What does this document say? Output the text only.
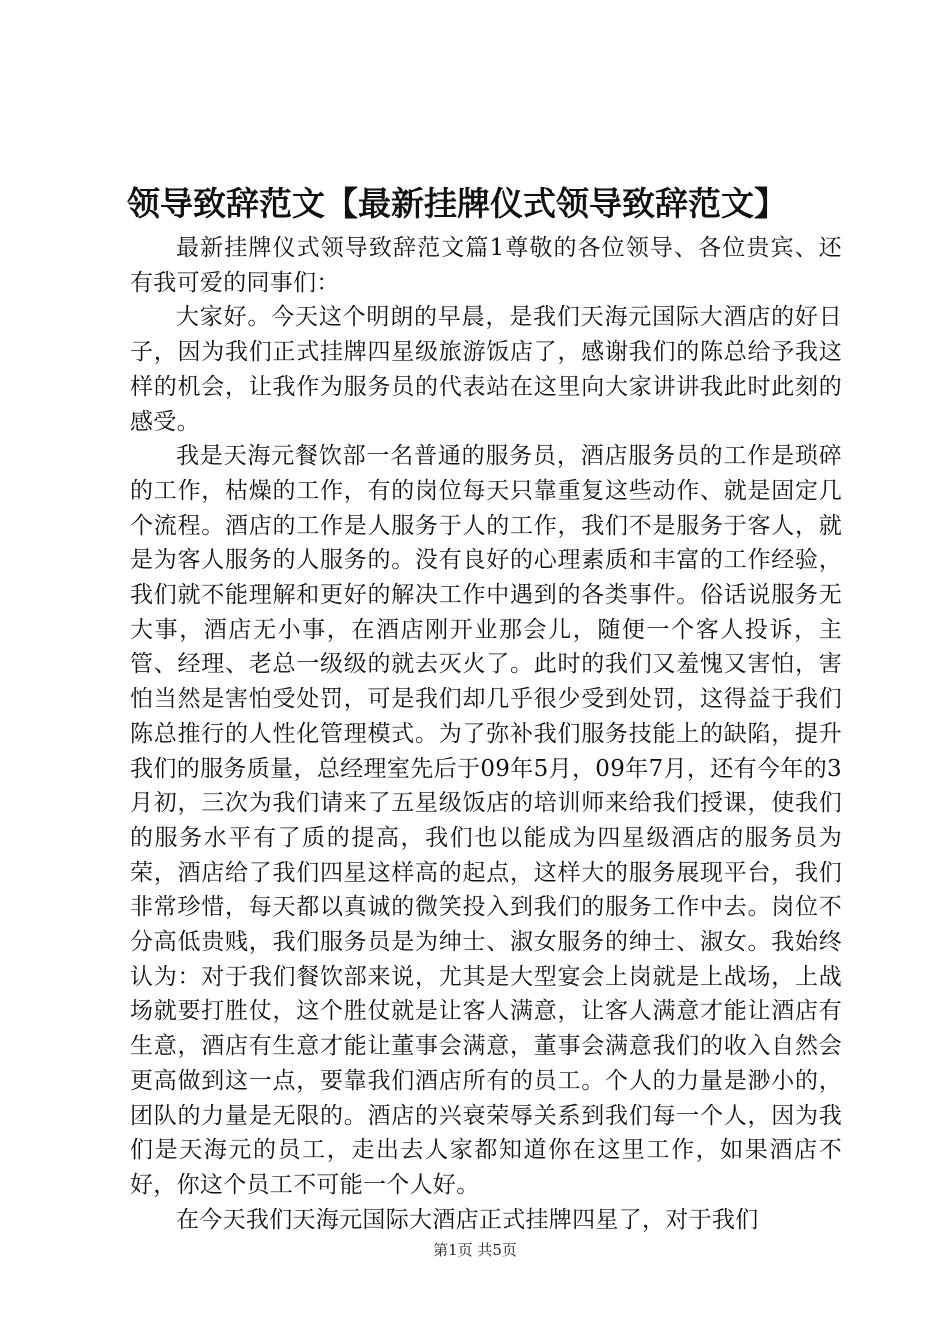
领导致辞范文【最新挂牌仪式领导致辞范文】

最新挂牌仪式领导致辞范文篇1尊敬的各位领导、各位贵宾、还有我可爱的同事们：

大家好。今天这个明朗的早晨，是我们天海元国际大酒店的好日子，因为我们正式挂牌四星级旅游饭店了，感谢我们的陈总给予我这样的机会，让我作为服务员的代表站在这里向大家讲讲我此时此刻的感受。

我是天海元餐饮部一名普通的服务员，酒店服务员的工作是琐碎的工作，枯燥的工作，有的岗位每天只靠重复这些动作、就是固定几个流程。酒店的工作是人服务于人的工作，我们不是服务于客人，就是为客人服务的人服务的。没有良好的心理素质和丰富的工作经验，我们就不能理解和更好的解决工作中遇到的各类事件。俗话说服务无大事，酒店无小事，在酒店刚开业那会儿，随便一个客人投诉，主管、经理、老总一级级的就去灭火了。此时的我们又羞愧又害怕，害怕当然是害怕受处罚，可是我们却几乎很少受到处罚，这得益于我们陈总推行的人性化管理模式。为了弥补我们服务技能上的缺陷，提升我们的服务质量，总经理室先后于09年5月，09年7月，还有今年的3月初，三次为我们请来了五星级饭店的培训师来给我们授课，使我们的服务水平有了质的提高，我们也以能成为四星级酒店的服务员为荣，酒店给了我们四星这样高的起点，这样大的服务展现平台，我们非常珍惜，每天都以真诚的微笑投入到我们的服务工作中去。岗位不分高低贵贱，我们服务员是为绅士、淑女服务的绅士、淑女。我始终认为：对于我们餐饮部来说，尤其是大型宴会上岗就是上战场，上战场就要打胜仗，这个胜仗就是让客人满意，让客人满意才能让酒店有生意，酒店有生意才能让董事会满意，董事会满意我们的收入自然会更高做到这一点，要靠我们酒店所有的员工。个人的力量是渺小的，团队的力量是无限的。酒店的兴衰荣辱关系到我们每一个人，因为我们是天海元的员工，走出去人家都知道你在这里工作，如果酒店不好，你这个员工不可能一个人好。

在今天我们天海元国际大酒店正式挂牌四星了，对于我们

第1页 共5页
